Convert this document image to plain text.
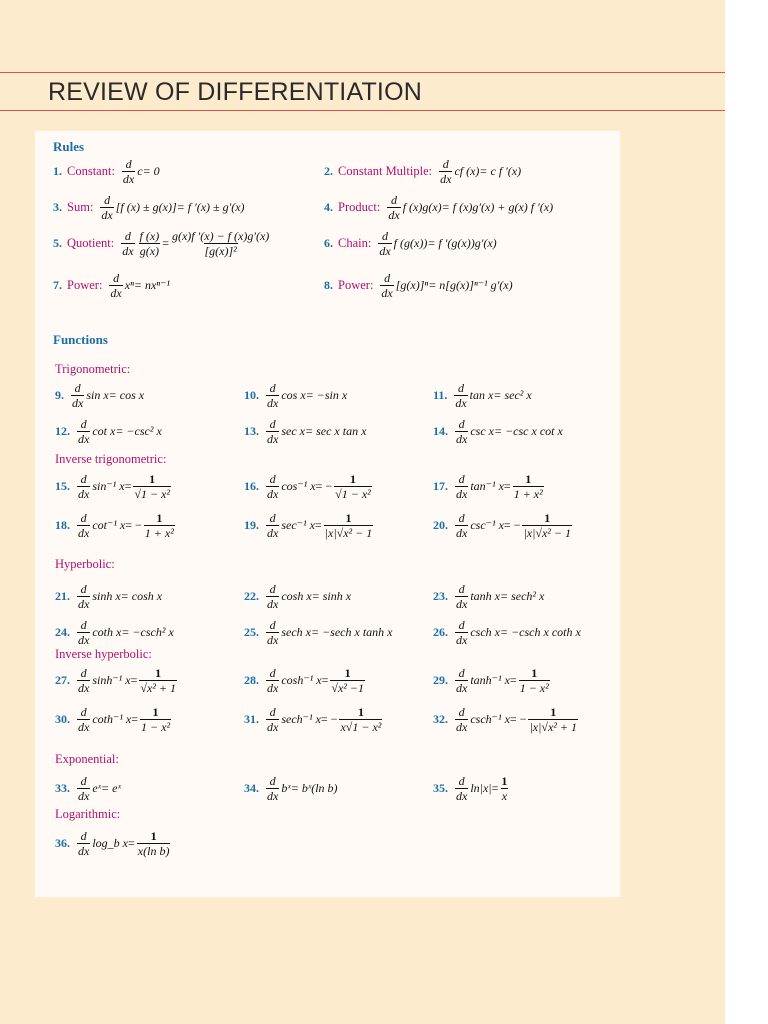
REVIEW OF DIFFERENTIATION
Rules
Functions
Trigonometric:
Inverse trigonometric:
Hyperbolic:
Inverse hyperbolic:
Exponential:
Logarithmic:
1. Constant: $\frac{d}{dx}$ c = 0	2. Constant Multiple: $\frac{d}{dx}$ cf (x) = c f ′(x)
3. Sum: $\frac{d}{dx} [f$ (x) ± g(x)] = f ′(x) ± g′(x)	4. Product: $\frac{d}{dx}$ f (x)g(x) = f (x)g′(x) + g(x) f ′(x)
5. Quotient: $\frac{d}{dx} \frac{f (x)}{g(x)} = \frac{g(x)f '(x) - f (x)g'(x)}{\text{[g(x)]²}}$	6. Chain: $\frac{d}{dx}$ f (g(x)) = f ′(g(x))g′(x)
7. Power: $\frac{d}{dx}$ xⁿ = nxⁿ⁻¹	8. Power: $\frac{d}{dx} [g(x)]^n = n[g(x)]^{n-1}$ g′(x)
9. $\frac{d}{dx}$ sin x = cos x	10. $\frac{d}{dx}$ cos x = −sin x	11. $\frac{d}{dx}$ tan x = sec² x
12. $\frac{d}{dx}$ cot x = −csc² x	13. $\frac{d}{dx}$ sec x = sec x tan x	14. $\frac{d}{dx}$ csc x = −csc x cot x
15. $\frac{d}{dx} \sin^{-1}$ $x = \frac{1}{\text{√1 − x²}}$	16. $\frac{d}{dx} \cos^{-1}$ x = − $\frac{1}{\text{√1 − x²}}$	17. $\frac{d}{dx} \tan^{-1}$ $x = \frac{1}{\text{1 + x²}}$
18. $\frac{d}{dx} \cot^{-1}$ x = − $\frac{1}{\text{1 + x²}}$	19. $\frac{d}{dx} \sec^{-1}$ $x = \frac{1}{\text{|x|√x² − 1}}$	20. $\frac{d}{dx} \csc^{-1}$ x = − $\frac{1}{\text{|x|√x² − 1}}$
21. $\frac{d}{dx}$ sinh x = cosh x	22. $\frac{d}{dx}$ cosh x = sinh x	23. $\frac{d}{dx}$ tanh x = sech² x
24. $\frac{d}{dx}$ coth x = −csch² x	25. $\frac{d}{dx}$ sech x = −sech x tanh x	26. $\frac{d}{dx}$ csch x = −csch x coth x
27. $\frac{d}{dx} \sinh^{-1}$ $x = \frac{1}{\text{√x² + 1}}$	28. $\frac{d}{dx} \cosh^{-1}$ $x = \frac{1}{\text{√x² −1}}$	29. $\frac{d}{dx} \tanh^{-1}$ $x = \frac{1}{\text{1 − x²}}$
30. $\frac{d}{dx} \cot h^{-1}$ $x = \frac{1}{\text{1 − x²}}$	31. $\frac{d}{dx} \sec h^{-1}$ x = − $\frac{1}{\text{x√1 − x²}}$	32. $\frac{d}{dx} \csc h^{-1}$ x = − $\frac{1}{\text{|x|√x² + 1}}$
33. $\frac{d}{dx}$ eˣ = eˣ	34. $\frac{d}{dx}$ bˣ = bˣ(ln b)	35. $\frac{d}{dx} \ln|x| = \frac{1}{x}$
36. $\frac{d}{dx}$ log_b $x = \frac{1}{\text{x(ln b)}}$
